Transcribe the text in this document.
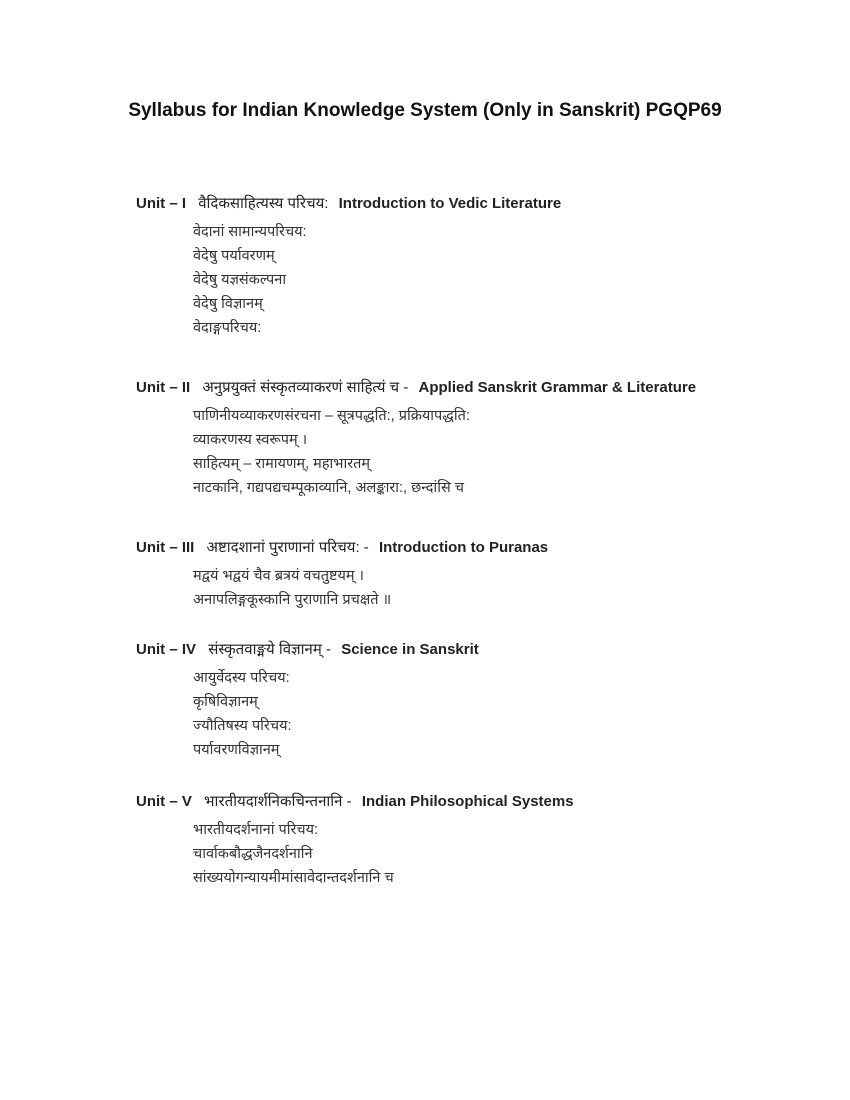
Syllabus for Indian Knowledge System (Only in Sanskrit) PGQP69
Unit – I वैदिकसाहित्यस्य परिचय: Introduction to Vedic Literature
वेदानां सामान्यपरिचय:
वेदेषु पर्यावरणम्
वेदेषु यज्ञसंकल्पना
वेदेषु विज्ञानम्
वेदाङ्गपरिचय:
Unit – II अनुप्रयुक्तं संस्कृतव्याकरणं साहित्यं च - Applied Sanskrit Grammar & Literature
पाणिनीयव्याकरणसंरचना – सूत्रपद्धति:, प्रक्रियापद्धति:
व्याकरणस्य स्वरूपम् ।
साहित्यम् – रामायणम्, महाभारतम्
नाटकानि, गद्यपद्यचम्पूकाव्यानि, अलङ्कारा:, छन्दांसि च
Unit – III अष्टादशानां पुराणानां परिचय: - Introduction to Puranas
मद्वयं भद्वयं चैव ब्रत्रयं वचतुष्टयम् ।
अनापलिङ्गकूस्कानि पुराणानि प्रचक्षते ॥
Unit – IV संस्कृतवाङ्मये विज्ञानम् - Science in Sanskrit
आयुर्वेदस्य परिचय:
कृषिविज्ञानम्
ज्यौतिषस्य परिचय:
पर्यावरणविज्ञानम्
Unit – V भारतीयदार्शनिकचिन्तनानि - Indian Philosophical Systems
भारतीयदर्शनानां परिचय:
चार्वाकबौद्धजैनदर्शनानि
सांख्ययोगन्यायमीमांसावेदान्तदर्शनानि च
